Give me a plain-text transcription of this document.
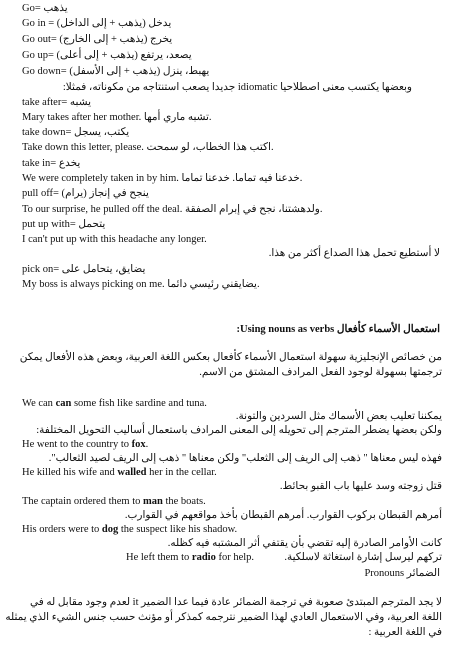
Go= يذهب
Go in = (يذهب + إلى الداخل) يدخل
Go out= (يذهب + إلى الخارج) يخرج
Go up= (يذهب + إلى أعلى) يصعد، يرتفع
Go down= (يذهب + إلى الأسفل) يهبط، ينزل
وبعضها يكتسب معنى اصطلاحيا idiomatic جديدا يصعب استنتاجه من مكوناته، فمثلا:
take after= يشبه
Mary takes after her mother. تشبه ماري أمها.
take down= يكتب، يسجل
Take down this letter, please. اكتب هذا الخطاب، لو سمحت.
take in= يخدع
We were completely taken in by him. خدعنا فيه تماما. خدعنا تماما.
pull off= (يرام) ينجح في إنجاز
To our surprise, he pulled off the deal. ولدهشتنا، نجح في إبرام الصفقة.
put up with= يتحمل
I can't put up with this headache any longer.
لا أستطيع تحمل هذا الصداع أكثر من هذا.
pick on= يضايق، يتحامل على
My boss is always picking on me. يضايقني رئيسي دائما.
استعمال الأسماء كأفعال Using nouns as verbs:
من خصائص الإنجليزية سهولة استعمال الأسماء كأفعال بعكس اللغة العربية، وبعض هذه الأفعال يمكن
ترجمتها بسهولة لوجود الفعل المرادف المشتق من الاسم.
We can can some fish like sardine and tuna.
يمكننا تعليب بعض الأسماك مثل السردين والتونة.
ولكن بعضها يضطر المترجم إلى تحويله إلى المعنى المرادف باستعمال أساليب التحويل المختلفة:
He went to the country to fox.
فهذه ليس معناها " ذهب إلى الريف إلى الثعلب" ولكن معناها " ذهب إلى الريف لصيد الثعالب".
He killed his wife and walled her in the cellar.
قتل زوجته وسد عليها باب القبو بحائط.
The captain ordered them to man the boats.
أمرهم القبطان بركوب القوارب. أمرهم القبطان بأخذ مواقعهم في القوارب.
His orders were to dog the suspect like his shadow.
كانت الأوامر الصادرة إليه تقضي بأن يقتفي أثر المشتبه فيه كظله.
He left them to radio for help.	تركهم ليرسل إشارة استغاثة لاسلكية.
الضمائر Pronouns
لا يجد المترجم المبتدئ صعوبة في ترجمة الضمائر عادة فيما عدا الضمير it لعدم وجود مقابل له في
اللغة العربية، وفي الاستعمال العادي لهذا الضمير نترجمه كمذكر أو مؤنث حسب جنس الشيء الذي يمثله
في اللغة العربية :
